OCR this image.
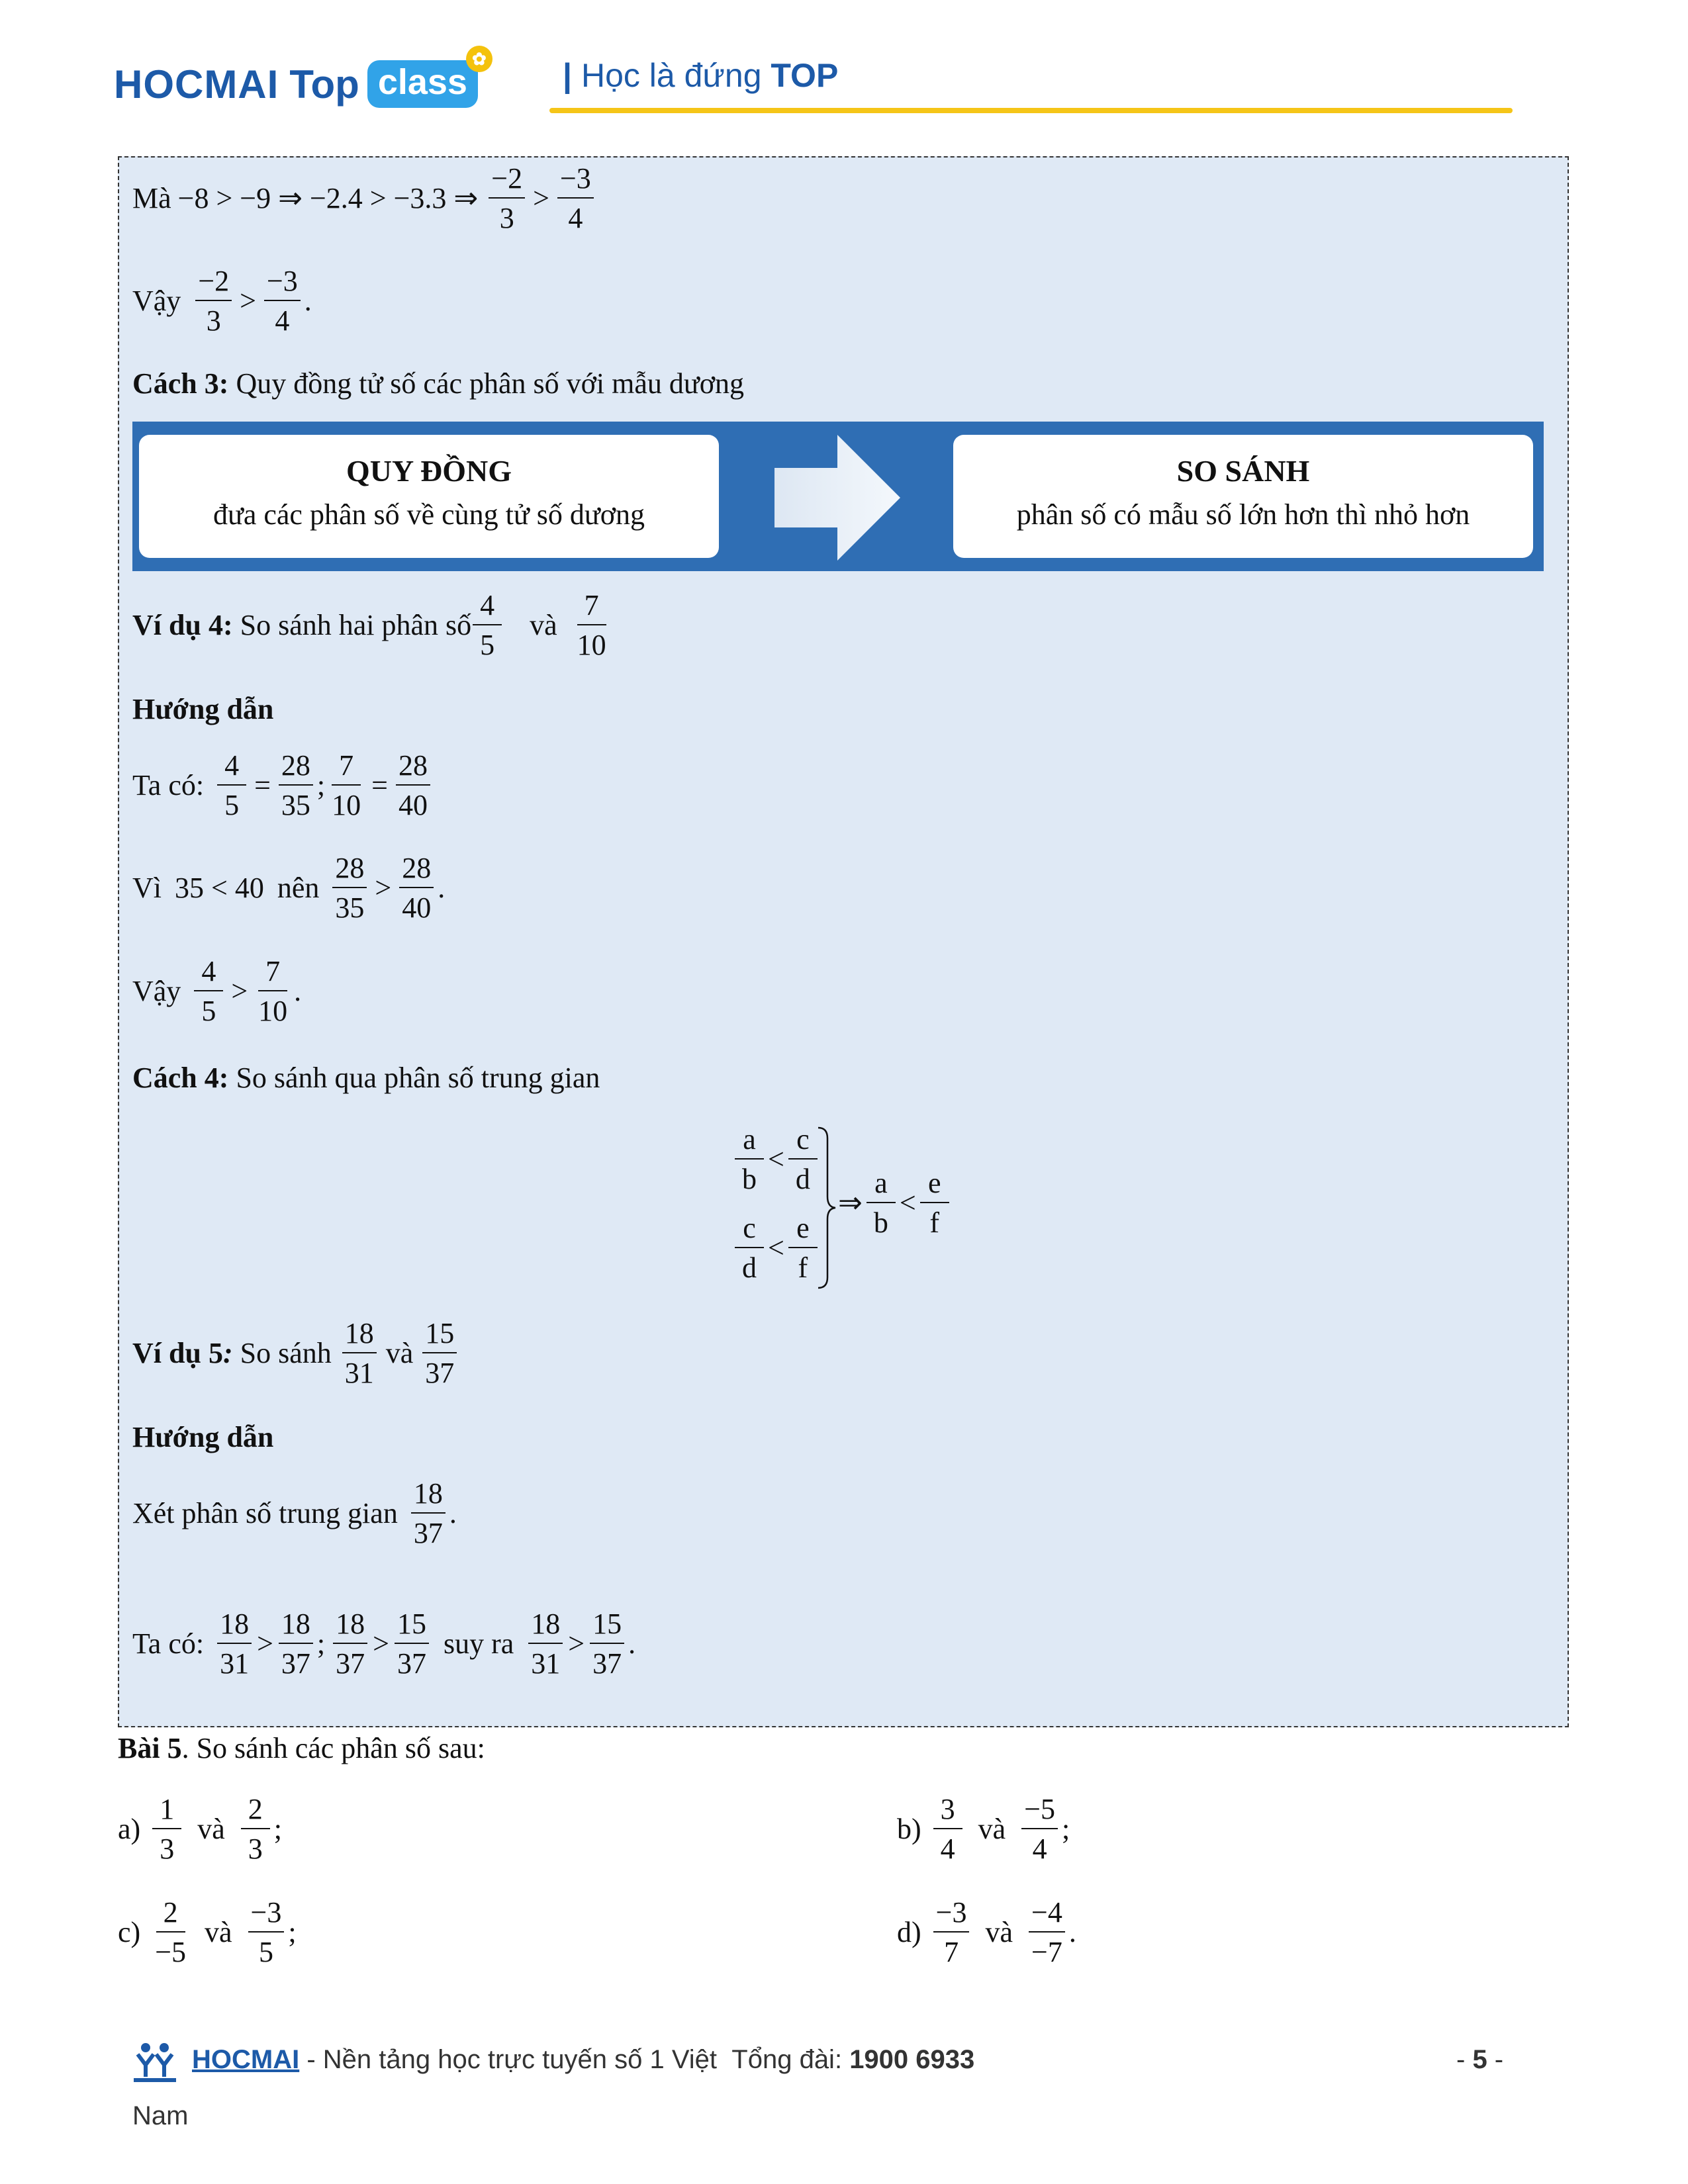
HOCMAI Top class
✿ | Học là đứng TOP
Mà −8 > −9 ⇒ −2.4 > −3.3 ⇒ $\frac{-2}{3} > \frac{-3}{4}$
Vậy $\frac{-2}{3} > \frac{-3}{4}$ .
Cách 3:
Quy đồng tử số các phân số với mẫu dương
QUY ĐỒNG
đưa các phân số về cùng tử số dương
SO SÁNH
phân số có mẫu số lớn hơn thì nhỏ hơn
Ví dụ 4:
So sánh hai phân số $\frac{4}{5}$ và $\frac{7}{10}$
Hướng dẫn
Ta có: $\frac{4}{5} = \frac{28}{35}$ ; $\frac{7}{10} = \frac{28}{40}$
Vì 35 < 40 nên $\frac{28}{35} > \frac{28}{40}$ .
Vậy $\frac{4}{5} > \frac{7}{10}$ .
Cách 4:
So sánh qua phân số trung gian
$\frac{a}{b} < \frac{c}{d}$
$\frac{c}{d} < \frac{e}{f}$
⇒ $\frac{a}{b} < \frac{e}{f}$
Ví dụ 5 :
So sánh $\frac{18}{31}$ và $\frac{15}{37}$
Hướng dẫn
Xét phân số trung gian $\frac{18}{37}$ .
Ta có: $\frac{18}{31} > \frac{18}{37}$ ; $\frac{18}{37} > \frac{15}{37}$ suy ra $\frac{18}{31} > \frac{15}{37}$ .
Bài 5 . So sánh các phân số sau:
$a) \frac{1}{3}$ và $\frac{2}{3}$ ;	$b) \frac{3}{4}$ và $\frac{-5}{4}$ ;
$c) \frac{2}{-5}$ và $\frac{-3}{5}$ ;	$d) \frac{-3}{7}$ và $\frac{-4}{-7}$ .
HOCMAI - Nền tảng học trực tuyến số 1 Việt Tổng đài: 1900 6933
Nam
- 5 -
